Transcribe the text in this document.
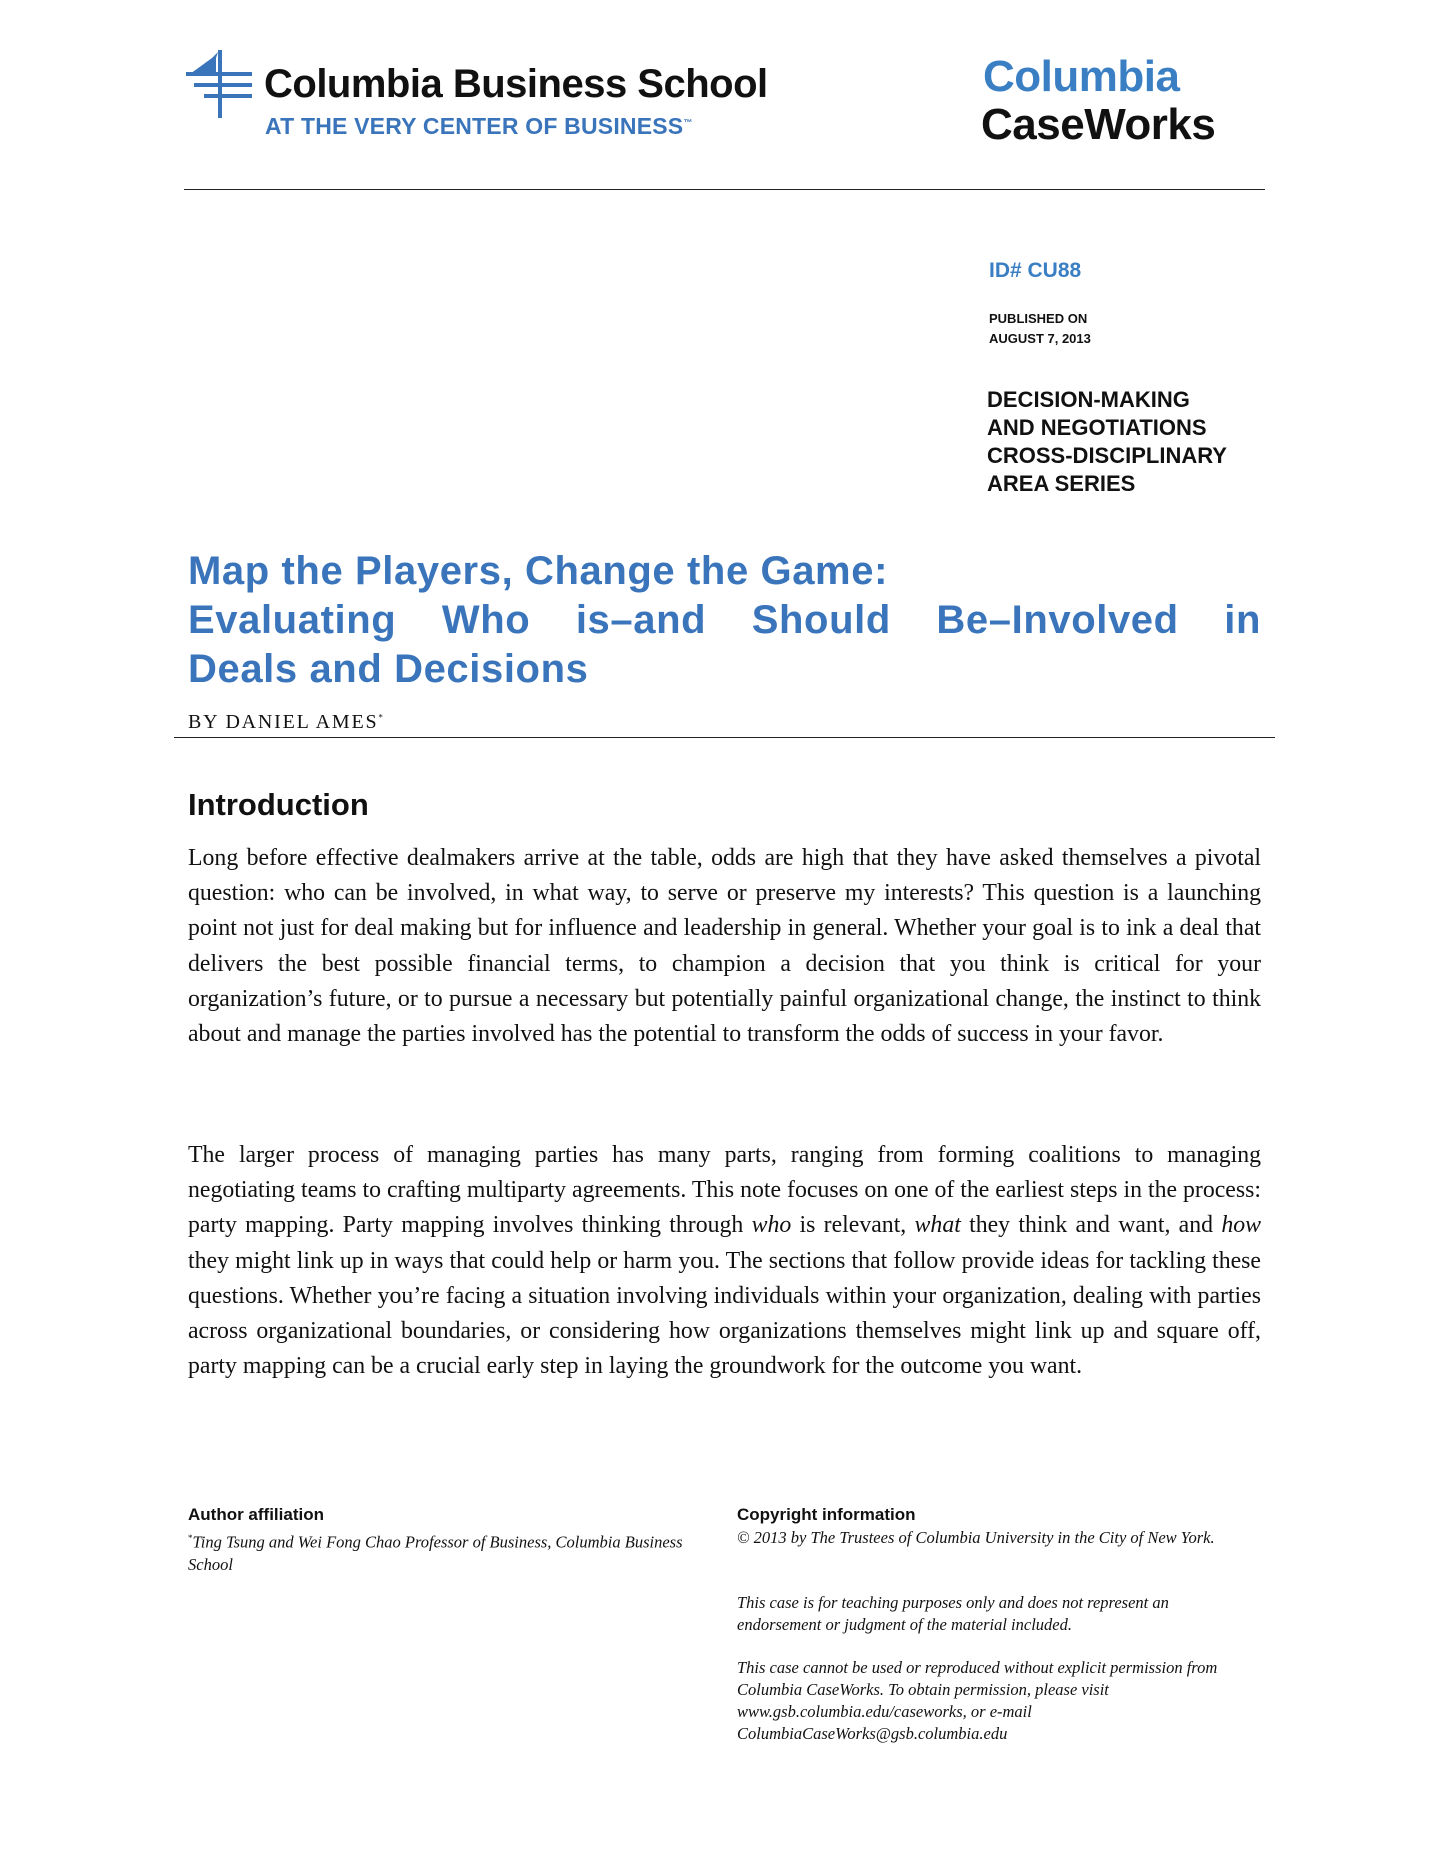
Columbia Business School
AT THE VERY CENTER OF BUSINESS™
Columbia
CaseWorks
ID# CU88
PUBLISHED ON
AUGUST 7, 2013
DECISION-MAKING
AND NEGOTIATIONS
CROSS-DISCIPLINARY
AREA SERIES
Map the Players, Change the Game:
Evaluating Who is–and Should Be–Involved in
Deals and Decisions
BY DANIEL AMES*
Introduction

Long before effective dealmakers arrive at the table, odds are high that they have asked themselves a pivotal question: who can be involved, in what way, to serve or preserve my interests? This question is a launching point not just for deal making but for influence and leadership in general. Whether your goal is to ink a deal that delivers the best possible financial terms, to champion a decision that you think is critical for your organization’s future, or to pursue a necessary but potentially painful organizational change, the instinct to think about and manage the parties involved has the potential to transform the odds of success in your favor.

The larger process of managing parties has many parts, ranging from forming coalitions to managing negotiating teams to crafting multiparty agreements. This note focuses on one of the earliest steps in the process: party mapping. Party mapping involves thinking through who is relevant, what they think and want, and how they might link up in ways that could help or harm you. The sections that follow provide ideas for tackling these questions. Whether you’re facing a situation involving individuals within your organization, dealing with parties across organizational boundaries, or considering how organizations themselves might link up and square off, party mapping can be a crucial early step in laying the groundwork for the outcome you want.

Author affiliation

*Ting Tsung and Wei Fong Chao Professor of Business, Columbia Business School

Copyright information

© 2013 by The Trustees of Columbia University in the City of New York.

This case is for teaching purposes only and does not represent an endorsement or judgment of the material included.

This case cannot be used or reproduced without explicit permission from Columbia CaseWorks. To obtain permission, please visit www.gsb.columbia.edu/caseworks, or e-mail ColumbiaCaseWorks@gsb.columbia.edu
